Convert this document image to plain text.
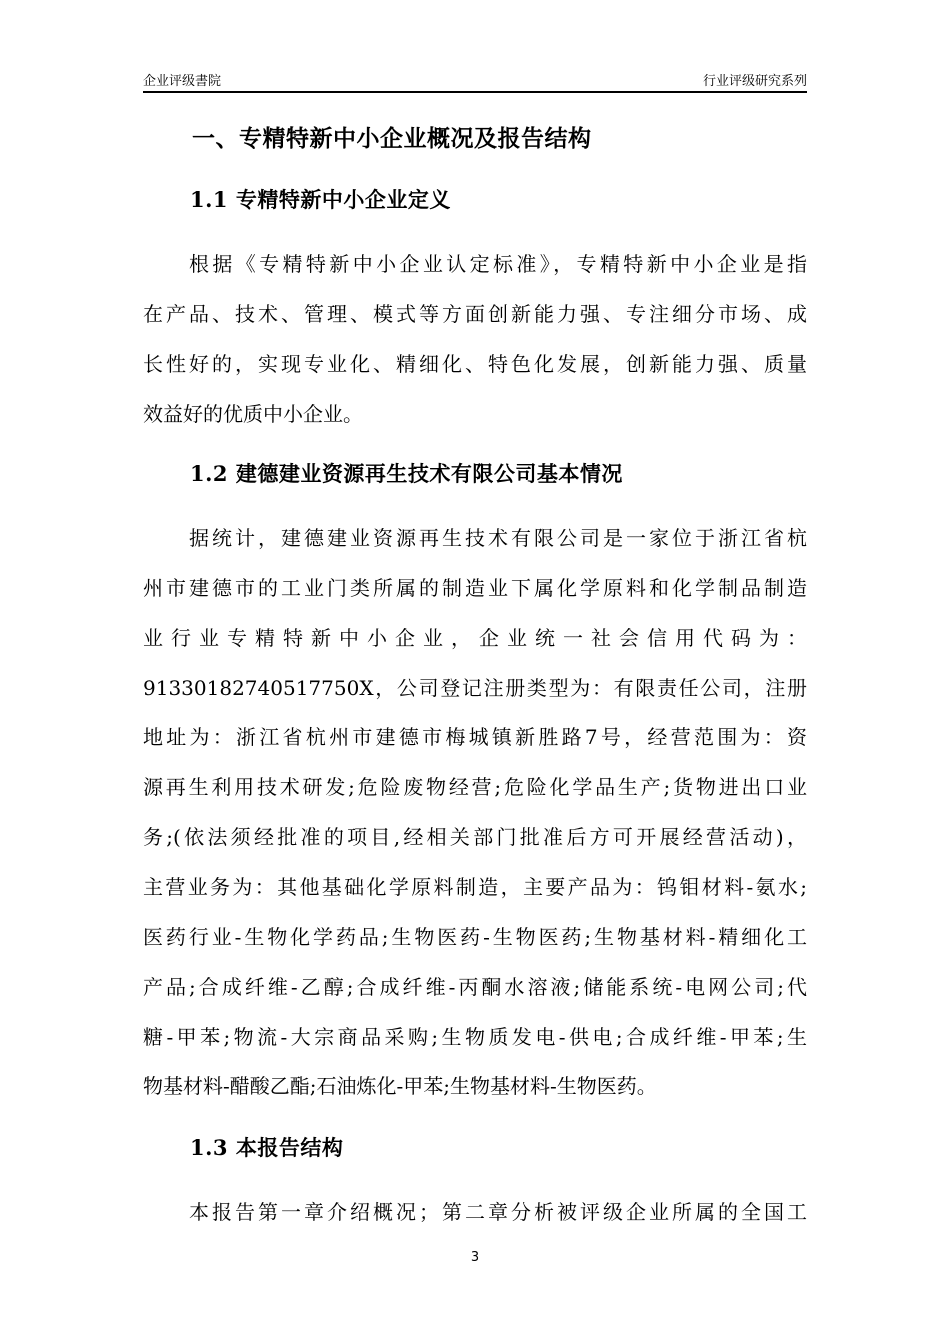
企业评级書院	行业评级研究系列
一、专精特新中小企业概况及报告结构
1.1 专精特新中小企业定义
根据《专精特新中小企业认定标准》，专精特新中小企业是指
在产品、技术、管理、模式等方面创新能力强、专注细分市场、成
长性好的，实现专业化、精细化、特色化发展，创新能力强、质量
效益好的优质中小企业。
1.2 建德建业资源再生技术有限公司基本情况
据统计，建德建业资源再生技术有限公司是一家位于浙江省杭
州市建德市的工业门类所属的制造业下属化学原料和化学制品制造
业行业专精特新中小企业，企业统一社会信用代码为：
91330182740517750X，公司登记注册类型为：有限责任公司，注册
地址为：浙江省杭州市建德市梅城镇新胜路7号，经营范围为：资
源再生利用技术研发;危险废物经营;危险化学品生产;货物进出口业
务;(依法须经批准的项目,经相关部门批准后方可开展经营活动)，
主营业务为：其他基础化学原料制造，主要产品为：钨钼材料-氨水;
医药行业-生物化学药品;生物医药-生物医药;生物基材料-精细化工
产品;合成纤维-乙醇;合成纤维-丙酮水溶液;储能系统-电网公司;代
糖-甲苯;物流-大宗商品采购;生物质发电-供电;合成纤维-甲苯;生
物基材料-醋酸乙酯;石油炼化-甲苯;生物基材料-生物医药。
1.3 本报告结构
本报告第一章介绍概况；第二章分析被评级企业所属的全国工
3
